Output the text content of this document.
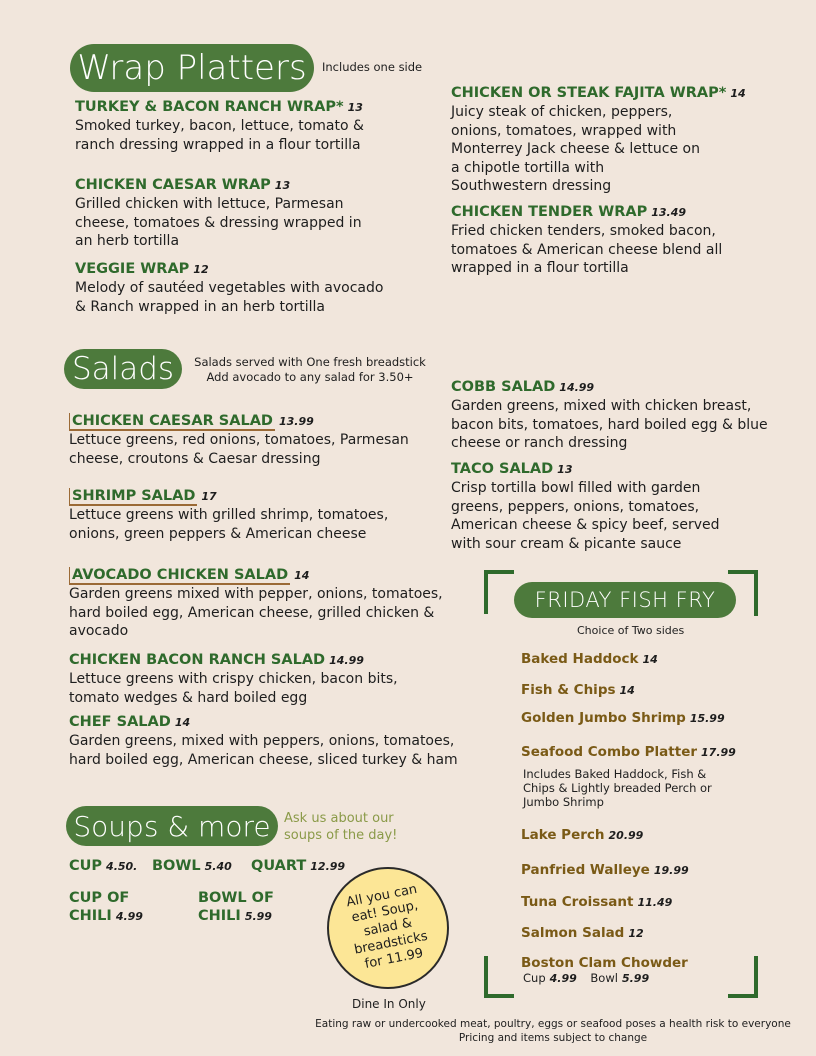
Wrap Platters	Includes one side
TURKEY & BACON RANCH WRAP* 13
Smoked turkey, bacon, lettuce, tomato & ranch dressing wrapped in a flour tortilla
CHICKEN CAESAR WRAP 13
Grilled chicken with lettuce, Parmesan cheese, tomatoes & dressing wrapped in an herb tortilla
VEGGIE WRAP 12
Melody of sautéed vegetables with avocado & Ranch wrapped in an herb tortilla
CHICKEN OR STEAK FAJITA WRAP* 14
Juicy steak of chicken, peppers, onions, tomatoes, wrapped with Monterrey Jack cheese & lettuce on a chipotle tortilla with Southwestern dressing
CHICKEN TENDER WRAP 13.49
Fried chicken tenders, smoked bacon, tomatoes & American cheese blend all wrapped in a flour tortilla
Salads	Salads served with One fresh breadstick
Add avocado to any salad for 3.50+
CHICKEN CAESAR SALAD 13.99
Lettuce greens, red onions, tomatoes, Parmesan cheese, croutons & Caesar dressing
SHRIMP SALAD 17
Lettuce greens with grilled shrimp, tomatoes, onions, green peppers & American cheese
AVOCADO CHICKEN SALAD 14
Garden greens mixed with pepper, onions, tomatoes, hard boiled egg, American cheese, grilled chicken & avocado
CHICKEN BACON RANCH SALAD 14.99
Lettuce greens with crispy chicken, bacon bits, tomato wedges & hard boiled egg
CHEF SALAD 14
Garden greens, mixed with peppers, onions, tomatoes, hard boiled egg, American cheese, sliced turkey & ham
COBB SALAD 14.99
Garden greens, mixed with chicken breast, bacon bits, tomatoes, hard boiled egg & blue cheese or ranch dressing
TACO SALAD 13
Crisp tortilla bowl filled with garden greens, peppers, onions, tomatoes, American cheese & spicy beef, served with sour cream & picante sauce
Soups & more	Ask us about our soups of the day!
CUP 4.50. BOWL 5.40 QUART 12.99
CUP OF
CHILI 4.99
BOWL OF
CHILI 5.99
All you can eat! Soup, salad & breadsticks for 11.99
Dine In Only
FRIDAY FISH FRY
Choice of Two sides
Baked Haddock 14
Fish & Chips 14
Golden Jumbo Shrimp 15.99
Seafood Combo Platter 17.99
Includes Baked Haddock, Fish & Chips & Lightly breaded Perch or Jumbo Shrimp
Lake Perch 20.99
Panfried Walleye 19.99
Tuna Croissant 11.49
Salmon Salad 12
Boston Clam Chowder
Cup 4.99 Bowl 5.99
Eating raw or undercooked meat, poultry, eggs or seafood poses a health risk to everyone
Pricing and items subject to change
